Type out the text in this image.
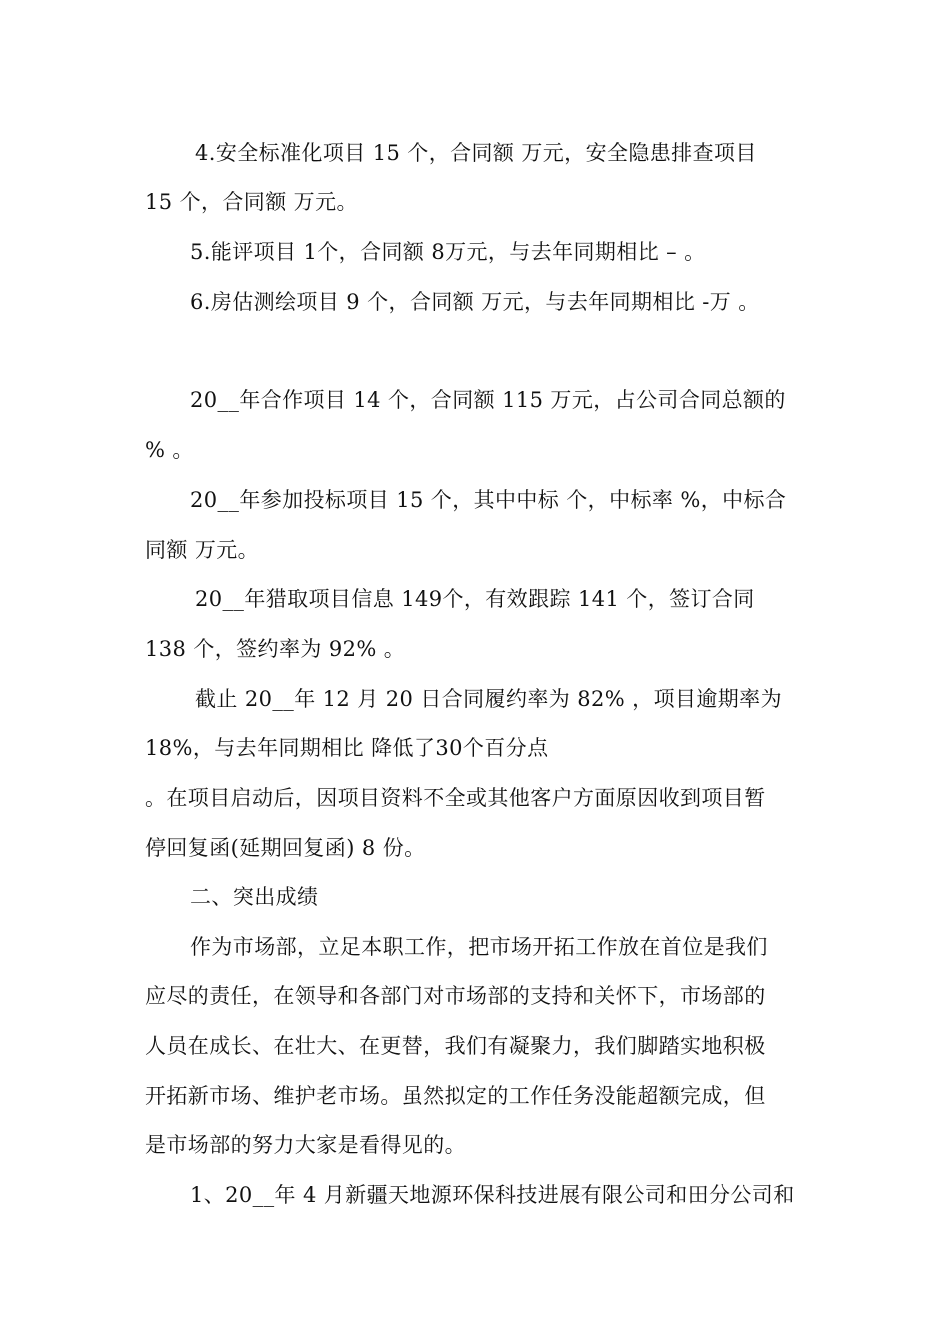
4.安全标准化项目 15 个，合同额 万元，安全隐患排查项目
15 个，合同额 万元。
5.能评项目 1个，合同额 8万元，与去年同期相比 – 。
6.房估测绘项目 9 个，合同额 万元，与去年同期相比 -万 。
20__年合作项目 14 个，合同额 115 万元，占公司合同总额的
% 。
20__年参加投标项目 15 个，其中中标 个，中标率 %，中标合
同额 万元。
20__年猎取项目信息 149个，有效跟踪 141 个，签订合同
138 个，签约率为 92% 。
截止 20__年 12 月 20 日合同履约率为 82% ，项目逾期率为
18%，与去年同期相比 降低了30个百分点
。在项目启动后，因项目资料不全或其他客户方面原因收到项目暂
停回复函(延期回复函) 8 份。
二、突出成绩
作为市场部，立足本职工作，把市场开拓工作放在首位是我们
应尽的责任，在领导和各部门对市场部的支持和关怀下，市场部的
人员在成长、在壮大、在更替，我们有凝聚力，我们脚踏实地积极
开拓新市场、维护老市场。虽然拟定的工作任务没能超额完成，但
是市场部的努力大家是看得见的。
1、20__年 4 月新疆天地源环保科技进展有限公司和田分公司和
